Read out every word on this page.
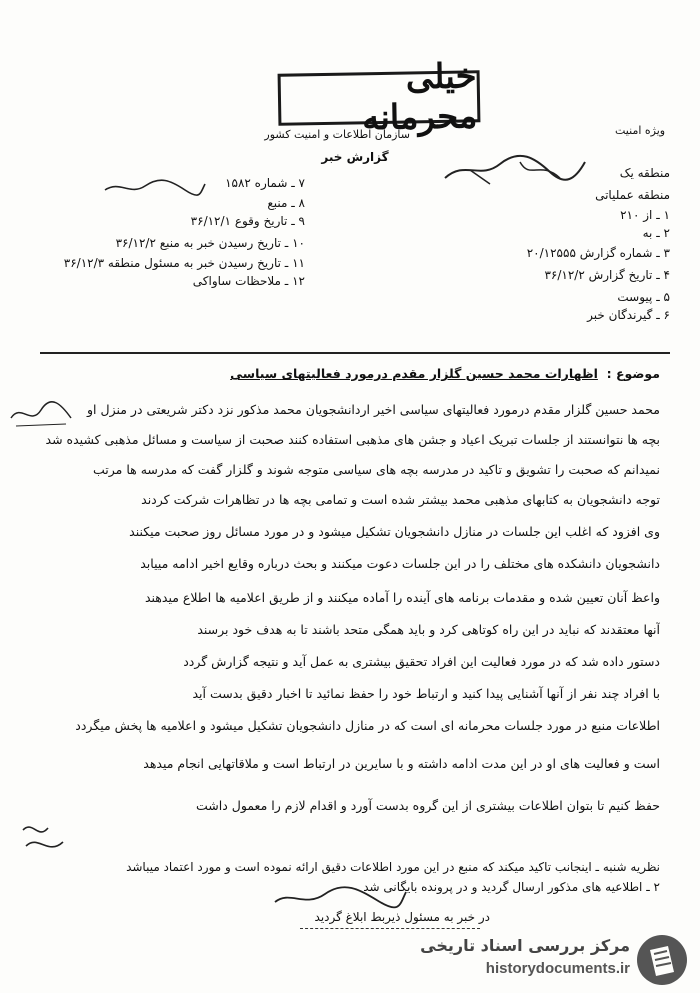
ویژه امنیت
خیلی محرمانه
سازمان اطلاعات و امنیت کشور
گزارش خبر
۷ ـ شماره ۱۵۸۲
۸ ـ منبع
۹ ـ تاریخ وقوع ۳۶/۱۲/۱
۱۰ ـ تاریخ رسیدن خبر به منبع ۳۶/۱۲/۲
۱۱ ـ تاریخ رسیدن خبر به مسئول منطقه ۳۶/۱۲/۳
۱۲ ـ ملاحظات ساواکی
منطقه یک
منطقه عملیاتی
۱ ـ از ۲۱۰
۲ ـ به
۳ ـ شماره گزارش ۲۰/۱۲۵۵۵
۴ ـ تاریخ گزارش ۳۶/۱۲/۲
۵ ـ پیوست
۶ ـ گیرندگان خبر
موضوع :  اظهارات محمد حسین گلزار مقدم درمورد فعالیتهای سیاسی
محمد حسین گلزار مقدم درمورد فعالیتهای سیاسی اخیر اردانشجویان محمد مذکور نزد دکتر شریعتی در منزل او
بچه ها نتوانستند از جلسات تبریک اعیاد و جشن های مذهبی استفاده کنند صحبت از سیاست و مسائل مذهبی کشیده شد
نمیدانم که صحبت را تشویق و تاکید در مدرسه بچه های سیاسی متوجه شوند و گلزار گفت که مدرسه ها مرتب
توجه دانشجویان به کتابهای مذهبی محمد بیشتر شده است و تمامی بچه ها در تظاهرات شرکت کردند
وی افزود که اغلب این جلسات در منازل دانشجویان تشکیل میشود و در مورد مسائل روز صحبت میکنند
دانشجویان دانشکده های مختلف را در این جلسات دعوت میکنند و بحث درباره وقایع اخیر ادامه مییابد
واعظ آنان تعیین شده و مقدمات برنامه های آینده را آماده میکنند و از طریق اعلامیه ها اطلاع میدهند
آنها معتقدند که نباید در این راه کوتاهی کرد و باید همگی متحد باشند تا به هدف خود برسند
دستور داده شد که در مورد فعالیت این افراد تحقیق بیشتری به عمل آید و نتیجه گزارش گردد
با افراد چند نفر از آنها آشنایی پیدا کنید و ارتباط خود را حفظ نمائید تا اخبار دقیق بدست آید
اطلاعات منبع در مورد جلسات محرمانه ای است که در منازل دانشجویان تشکیل میشود و اعلامیه ها پخش میگردد
است و فعالیت های او در این مدت ادامه داشته و با سایرین در ارتباط است و ملاقاتهایی انجام میدهد
حفظ کنیم تا بتوان اطلاعات بیشتری از این گروه بدست آورد و اقدام لازم را معمول داشت
نظریه شنبه ـ اینجانب تاکید میکند که منبع در این مورد اطلاعات دقیق ارائه نموده است و مورد اعتماد میباشد
۲ ـ اطلاعیه های مذکور ارسال گردید و در پرونده بایگانی شد
در خبر به مسئول ذیربط ابلاغ گردید
مرکز بررسی اسناد تاریخی
historydocuments.ir
